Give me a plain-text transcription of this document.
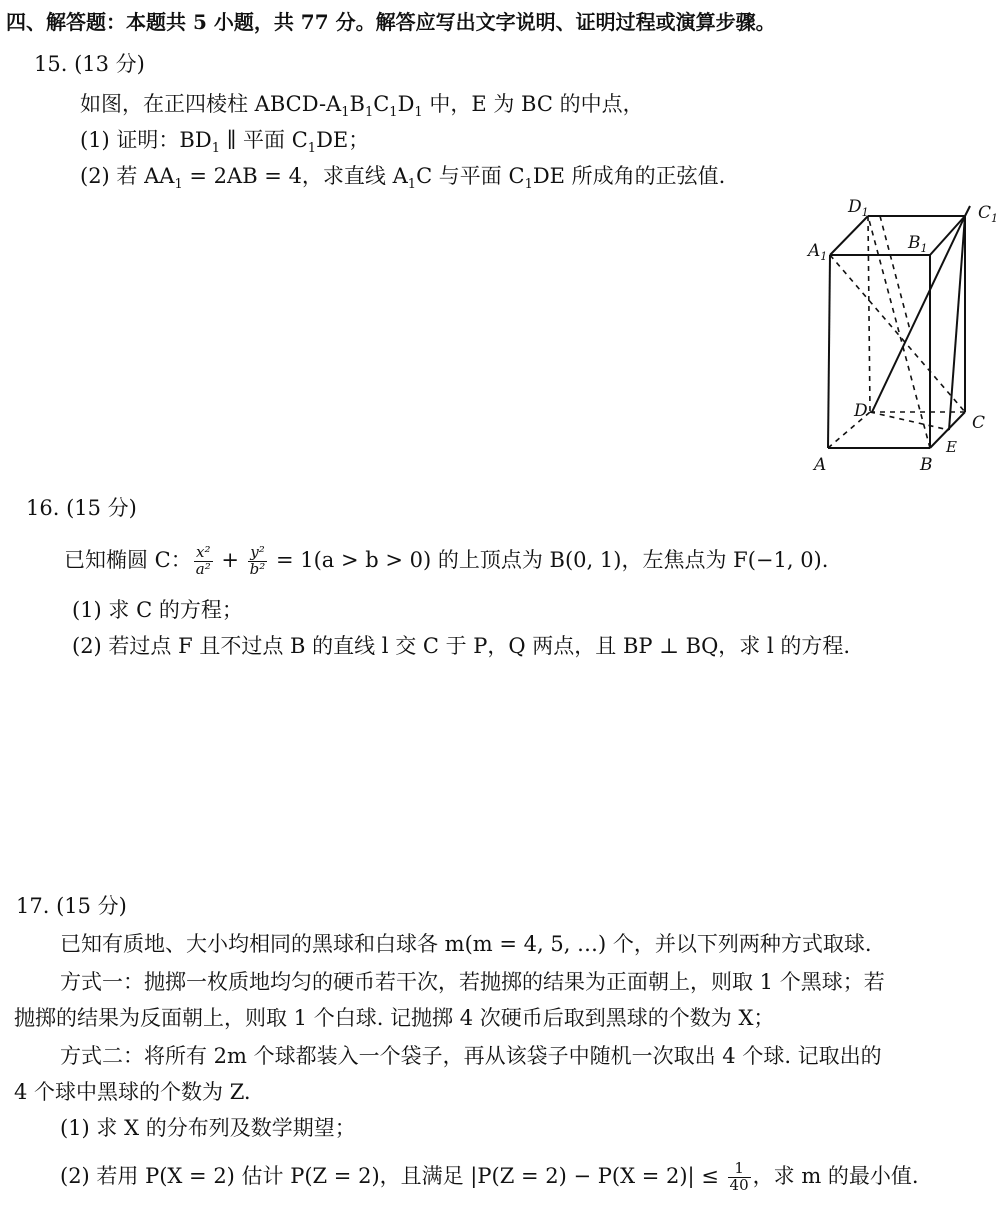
四、解答题：本题共 5 小题，共 77 分。解答应写出文字说明、证明过程或演算步骤。
15. (13 分)
如图，在正四棱柱 ABCD-$A_1B_1C_1D_1$ 中，E 为 BC 的中点，
(1) 证明：$BD_1$ ∥ 平面 $C_1DE$；
(2) 若 $AA_1 = 2AB = 4$，求直线 $A_1C$ 与平面 $C_1DE$ 所成角的正弦值.
$D_1$
$A_1$
$B_1$
$C_1$
D
C
E
A	B
16. (15 分)
已知椭圆 C： $\frac{\text{x²}}{\text{a²}} + \frac{\text{y²}}{\text{b²}} = 1(a > b > 0)$ 的上顶点为 B(0, 1)，左焦点为 F(−1, 0).
(1) 求 C 的方程；
(2) 若过点 F 且不过点 B 的直线 l 交 C 于 P，Q 两点，且 BP ⊥ BQ，求 l 的方程.
17. (15 分)
已知有质地、大小均相同的黑球和白球各 m(m = 4, 5, …) 个，并以下列两种方式取球.
方式一：抛掷一枚质地均匀的硬币若干次，若抛掷的结果为正面朝上，则取 1 个黑球；若
抛掷的结果为反面朝上，则取 1 个白球. 记抛掷 4 次硬币后取到黑球的个数为 X；
方式二：将所有 2m 个球都装入一个袋子，再从该袋子中随机一次取出 4 个球. 记取出的
4 个球中黑球的个数为 Z.
(1) 求 X 的分布列及数学期望；
(2) 若用 P(X = 2) 估计 P(Z = 2)，且满足 $|P(Z = 2) - P(X = 2)| \le \frac{1}{40}$ ，求 m 的最小值.
